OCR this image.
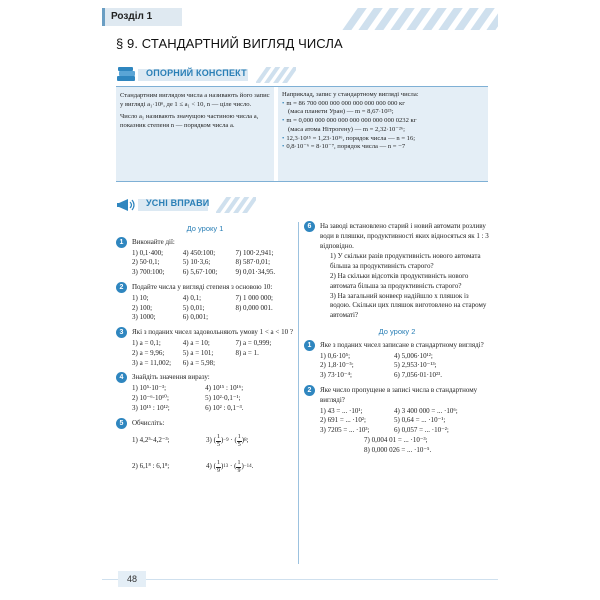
Розділ 1
§ 9. СТАНДАРТНИЙ ВИГЛЯД ЧИСЛА
ОПОРНИЙ КОНСПЕКТ

Стандартним виглядом числа a називають його запис у вигляді a₁·10ⁿ, де 1 ≤ a₁ < 10, n — ціле число.

Число a₁ називають значущою частиною числа a, показник степеня n — порядком числа a.

Наприклад, запис у стандартному вигляді числа:
• m = 86 700 000 000 000 000 000 000 000 кг
(маса планети Уран) — m = 8,67·10²⁵;
• m = 0,000 000 000 000 000 000 000 000 0232 кг
(маса атома Нітрогену) — m = 2,32·10⁻²⁶;
• 12,3·10¹⁵ = 1,23·10¹⁶, порядок числа — n = 16;
• 0,8·10⁻⁶ = 8·10⁻⁷, порядок числа — n = −7
УСНІ ВПРАВИ
До уроку 1
1	Виконайте дії:
1) 0,1·400;	4) 450:100;	7) 100·2,941;
2) 50·0,1;	5) 10·3,6;	8) 587·0,01;
3) 700:100;	6) 5,67·100;	9) 0,01·34,95.
2	Подайте числа у вигляді степеня з основою 10:
1) 10;	4) 0,1;	7) 1 000 000;
2) 100;	5) 0,01;	8) 0,000 001.
3) 1000;	6) 0,001;
3	Які з поданих чисел задовольняють умову 1 < a < 10 ?
1) a = 0,1;	4) a = 10;	7) a = 0,999;
2) a = 9,96;	5) a = 101;	8) a = 1.
3) a = 11,002;	6) a = 5,98;
4	Знайдіть значення виразу:
1) 10⁵·10⁻³;	4) 10¹⁵ : 10¹⁶;
2) 10⁻⁶·10¹⁰;	5) 10²·0,1⁻¹;
3) 10¹⁵ : 10¹²;	6) 10² : 0,1⁻³.
5	Обчисліть:
1) 4,2⁵·4,2⁻³;	3) ( $\frac{1}{5}$ ) −9 · ( $\frac{1}{5}$ ) 8 ;
2) 6,1⁸ : 6,1⁸;	4) ( $\frac{1}{9}$ ) 13 · ( $\frac{1}{9}$ ) −14 .
6	На заводі встановлено старий і новий автомати розливу води в пляшки, продуктивності яких відносяться як 1 : 3 відповідно.
1) У скільки разів продуктивність нового автомата більша за продуктивність старого?
2) На скільки відсотків продуктивність нового автомата більша за продуктивність старого?
3) На загальний конвеєр надійшло x пляшок із водою. Скільки цих пляшок виготовлено на старому автоматі?
До уроку 2
1	Яке з поданих чисел записане в стандартному вигляді?
1) 0,6·10⁵;	4) 5,006·10¹²;
2) 1,8·10⁻⁵;	5) 2,953·10⁻¹³;
3) 73·10⁻⁴;	6) 7,056·01·10²³.
2	Яке число пропущене в записі числа в стандартному вигляді?
1) 43 = ... ·10¹;	4) 3 400 000 = ... ·10⁶;
2) 691 = ... ·10²;	5) 0,64 = ... ·10⁻¹;
3) 7205 = ... ·10³;	6) 0,057 = ... ·10⁻²;
7) 0,004 01 = ... ·10⁻³;
8) 0,000 026 = ... ·10⁻⁵.
48
